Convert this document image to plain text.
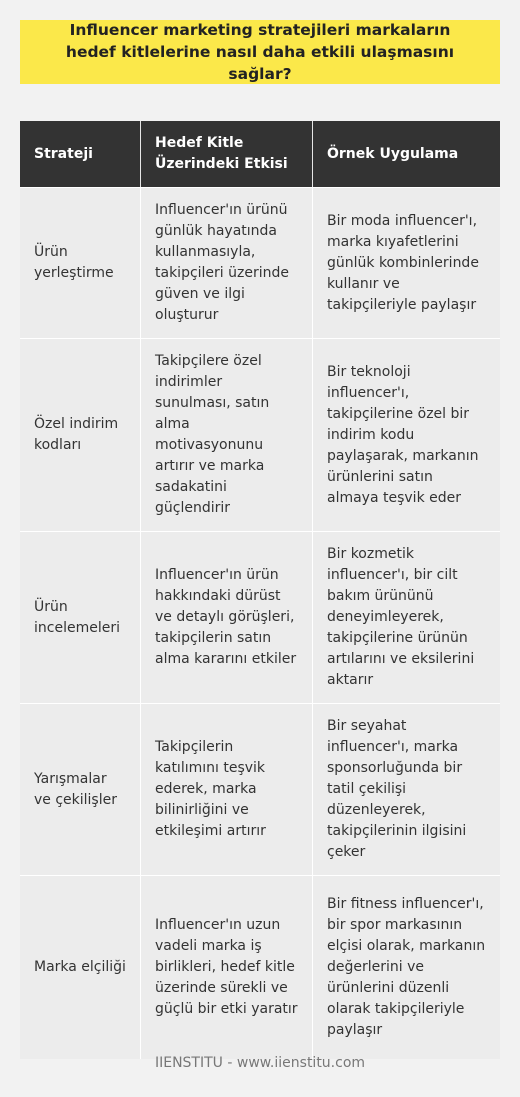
Influencer marketing stratejileri markaların hedef kitlelerine nasıl daha etkili ulaşmasını sağlar?
Strateji	Hedef Kitle Üzerindeki Etkisi	Örnek Uygulama
Ürün yerleştirme	Influencer'ın ürünü günlük hayatında kullanmasıyla, takipçileri üzerinde güven ve ilgi oluşturur	Bir moda influencer'ı, marka kıyafetlerini günlük kombinlerinde kullanır ve takipçileriyle paylaşır
Özel indirim kodları	Takipçilere özel indirimler sunulması, satın alma motivasyonunu artırır ve marka sadakatini güçlendirir	Bir teknoloji influencer'ı, takipçilerine özel bir indirim kodu paylaşarak, markanın ürünlerini satın almaya teşvik eder
Ürün incelemeleri	Influencer'ın ürün hakkındaki dürüst ve detaylı görüşleri, takipçilerin satın alma kararını etkiler	Bir kozmetik influencer'ı, bir cilt bakım ürününü deneyimleyerek, takipçilerine ürünün artılarını ve eksilerini aktarır
Yarışmalar ve çekilişler	Takipçilerin katılımını teşvik ederek, marka bilinirliğini ve etkileşimi artırır	Bir seyahat influencer'ı, marka sponsorluğunda bir tatil çekilişi düzenleyerek, takipçilerinin ilgisini çeker
Marka elçiliği	Influencer'ın uzun vadeli marka iş birlikleri, hedef kitle üzerinde sürekli ve güçlü bir etki yaratır	Bir fitness influencer'ı, bir spor markasının elçisi olarak, markanın değerlerini ve ürünlerini düzenli olarak takipçileriyle paylaşır
IIENSTITU - www.iienstitu.com
